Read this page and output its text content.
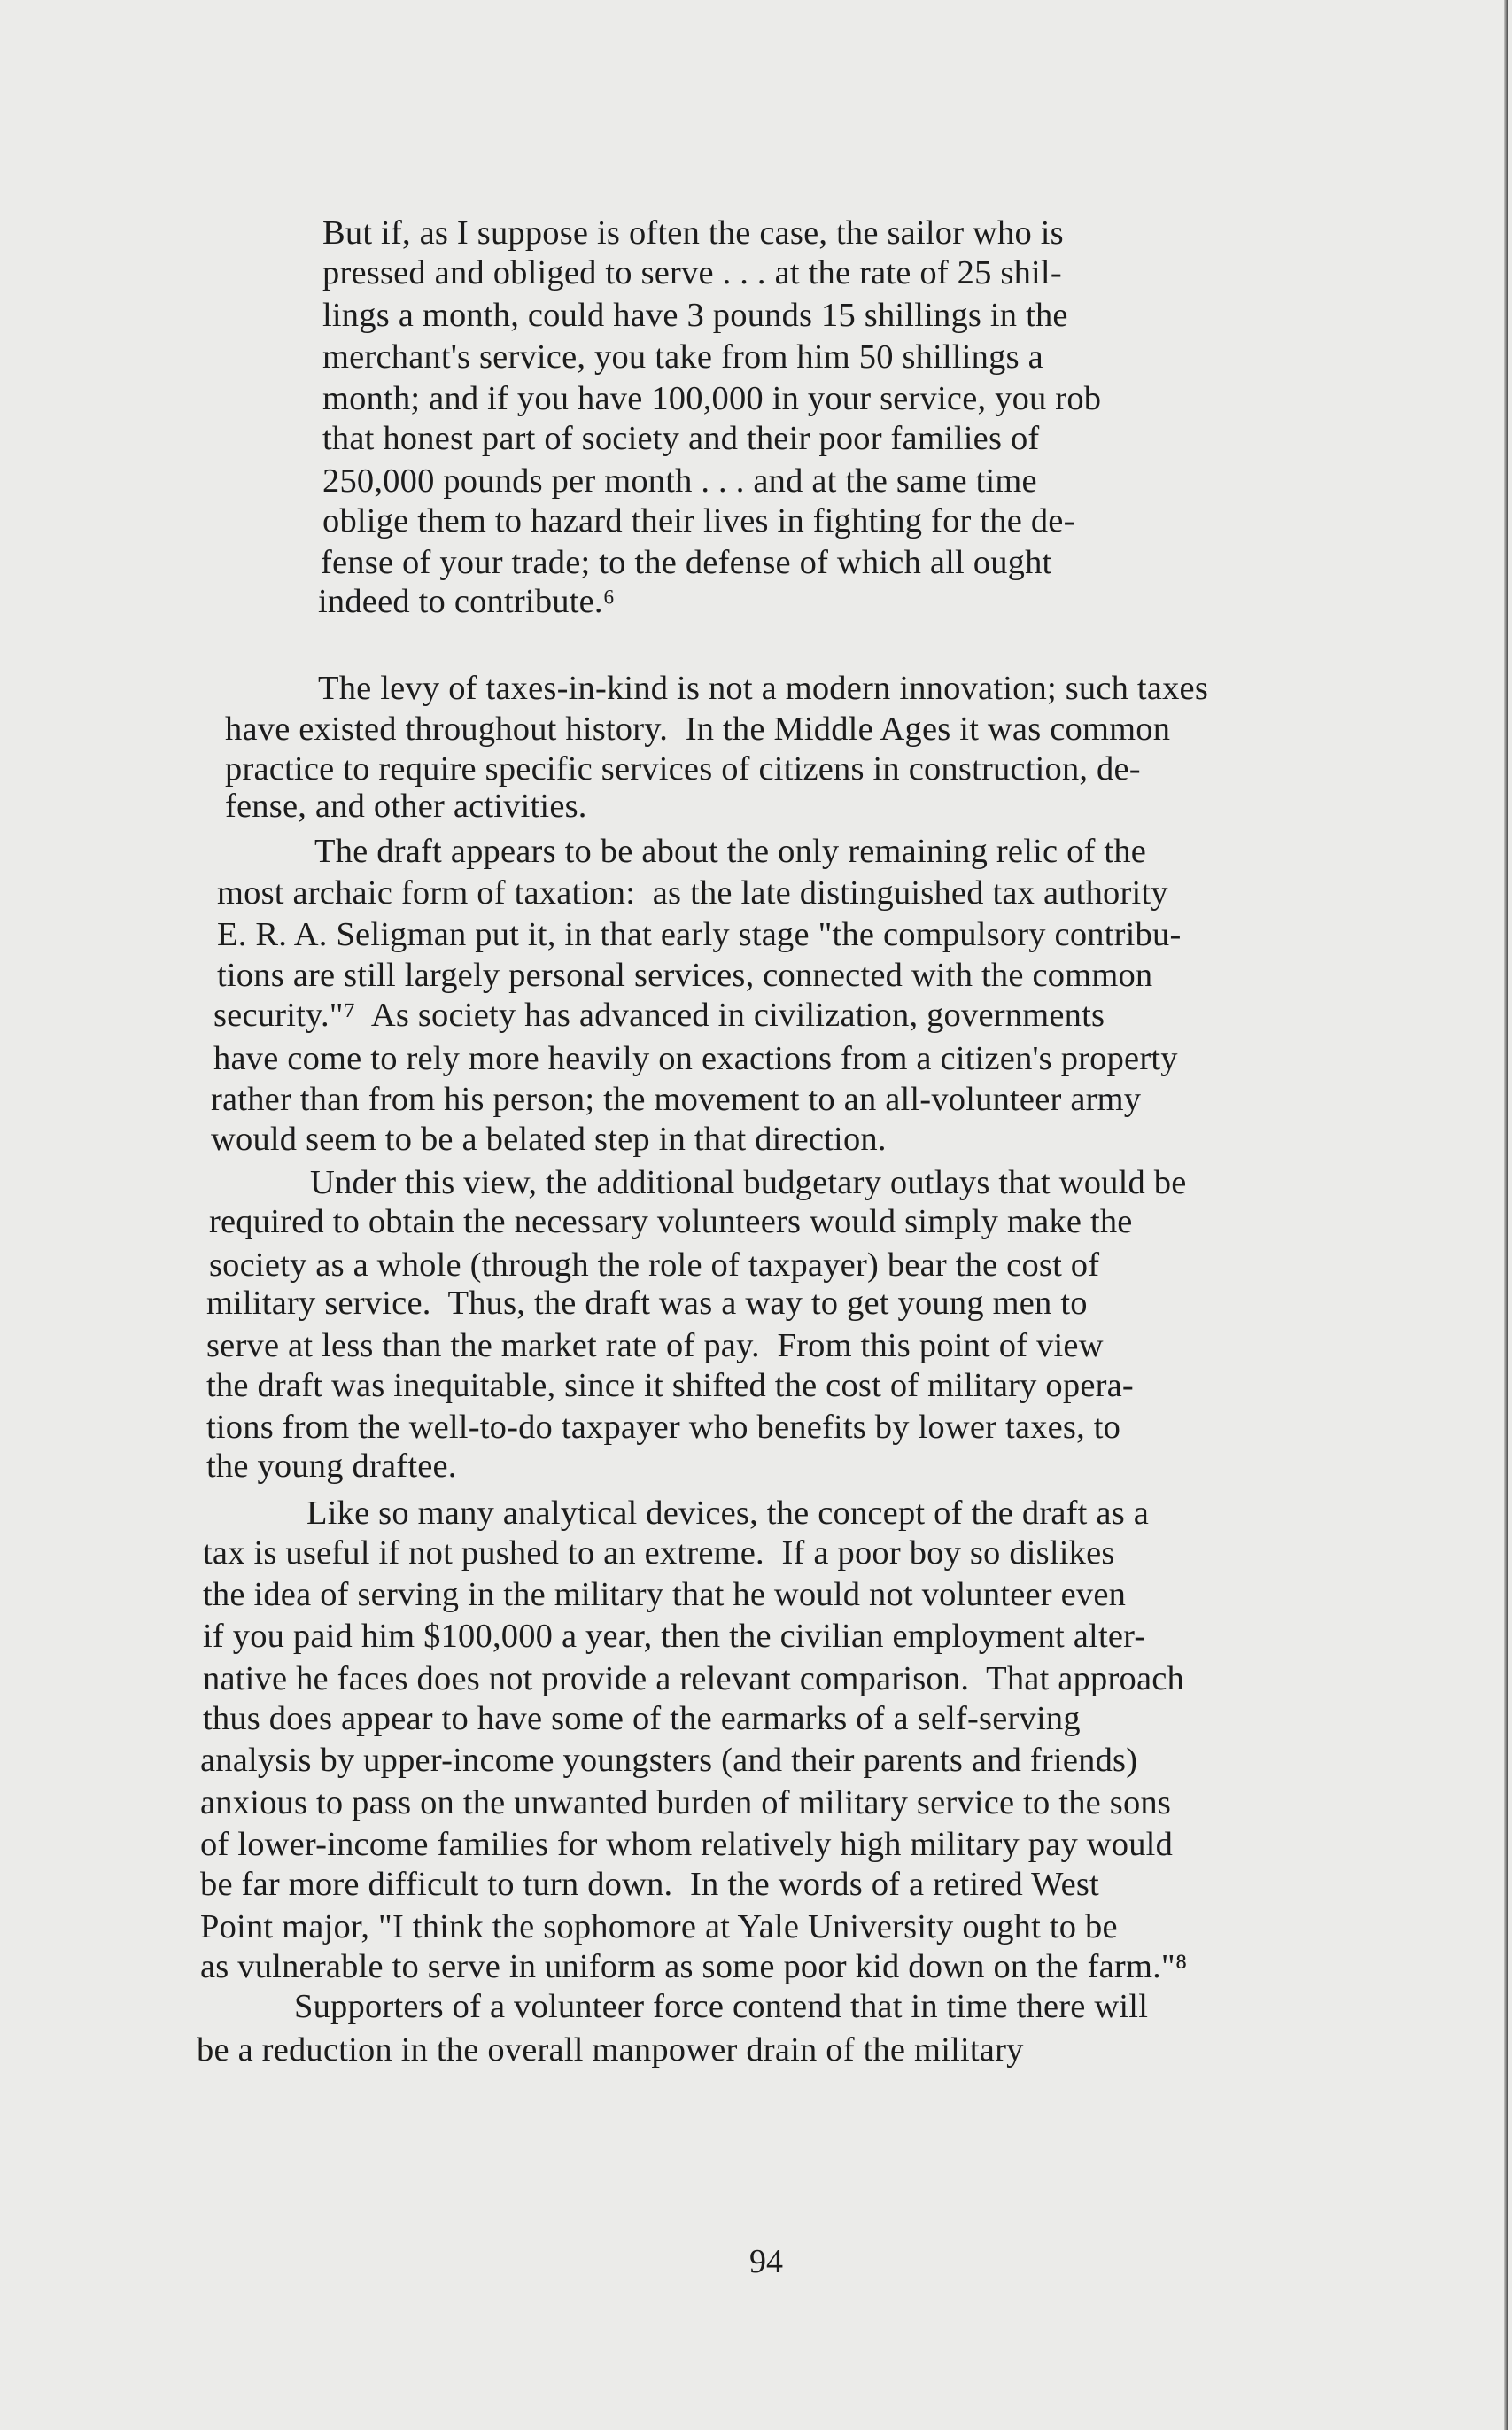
But if, as I suppose is often the case, the sailor who is
pressed and obliged to serve . . . at the rate of 25 shil-
lings a month, could have 3 pounds 15 shillings in the
merchant's service, you take from him 50 shillings a
month; and if you have 100,000 in your service, you rob
that honest part of society and their poor families of
250,000 pounds per month . . . and at the same time
oblige them to hazard their lives in fighting for the de-
fense of your trade; to the defense of which all ought
indeed to contribute.⁶
The levy of taxes-in-kind is not a modern innovation; such taxes
have existed throughout history.  In the Middle Ages it was common
practice to require specific services of citizens in construction, de-
fense, and other activities.
The draft appears to be about the only remaining relic of the
most archaic form of taxation:  as the late distinguished tax authority
E. R. A. Seligman put it, in that early stage "the compulsory contribu-
tions are still largely personal services, connected with the common
security."⁷  As society has advanced in civilization, governments
have come to rely more heavily on exactions from a citizen's property
rather than from his person; the movement to an all-volunteer army
would seem to be a belated step in that direction.
Under this view, the additional budgetary outlays that would be
required to obtain the necessary volunteers would simply make the
society as a whole (through the role of taxpayer) bear the cost of
military service.  Thus, the draft was a way to get young men to
serve at less than the market rate of pay.  From this point of view
the draft was inequitable, since it shifted the cost of military opera-
tions from the well-to-do taxpayer who benefits by lower taxes, to
the young draftee.
Like so many analytical devices, the concept of the draft as a
tax is useful if not pushed to an extreme.  If a poor boy so dislikes
the idea of serving in the military that he would not volunteer even
if you paid him $100,000 a year, then the civilian employment alter-
native he faces does not provide a relevant comparison.  That approach
thus does appear to have some of the earmarks of a self-serving
analysis by upper-income youngsters (and their parents and friends)
anxious to pass on the unwanted burden of military service to the sons
of lower-income families for whom relatively high military pay would
be far more difficult to turn down.  In the words of a retired West
Point major, "I think the sophomore at Yale University ought to be
as vulnerable to serve in uniform as some poor kid down on the farm."⁸
Supporters of a volunteer force contend that in time there will
be a reduction in the overall manpower drain of the military
94
